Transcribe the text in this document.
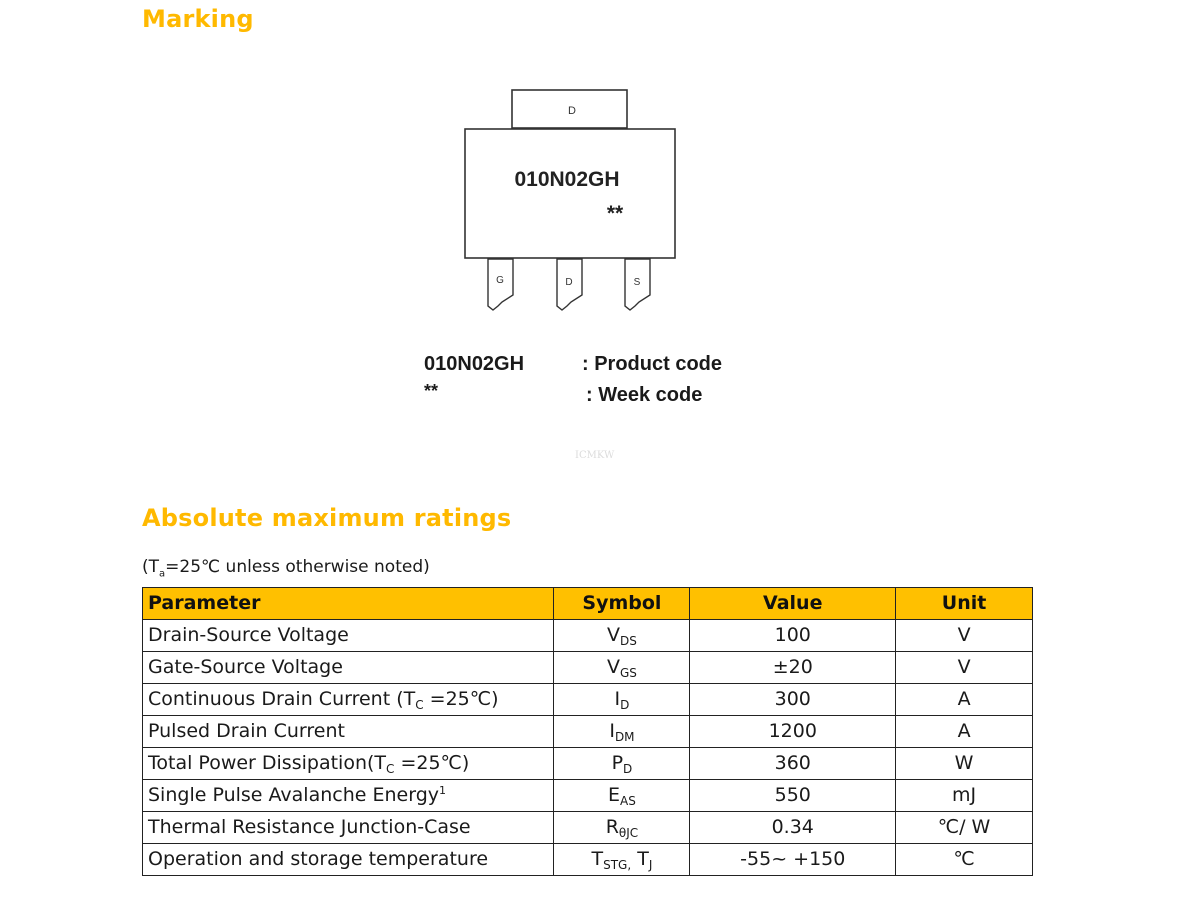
Marking
D
010N02GH
**
G	D	S
010N02GH	: Product code
**	: Week code
ICMKW
Absolute maximum ratings
($T_a=25℃$ unless otherwise noted)
Parameter	Symbol	Value	Unit
Drain-Source Voltage	$V_{DS}$	100	V
Gate-Source Voltage	$V_{GS}$	±20	V
Continuous Drain Current ($T_C$ =25℃)	$I_D$	300	A
Pulsed Drain Current	$I_{DM}$	1200	A
Total Power $Dissipation(T_C$ =25℃)	$P_D$	360	W
Single Pulse Avalanche Energy$^1$	$E_{AS}$	550	mJ
Thermal Resistance Junction-Case	$R_{\theta JC}$	0.34	℃/ W
Operation and storage temperature	$T_{STG,}$ $T_J$	-55~ +150	℃
